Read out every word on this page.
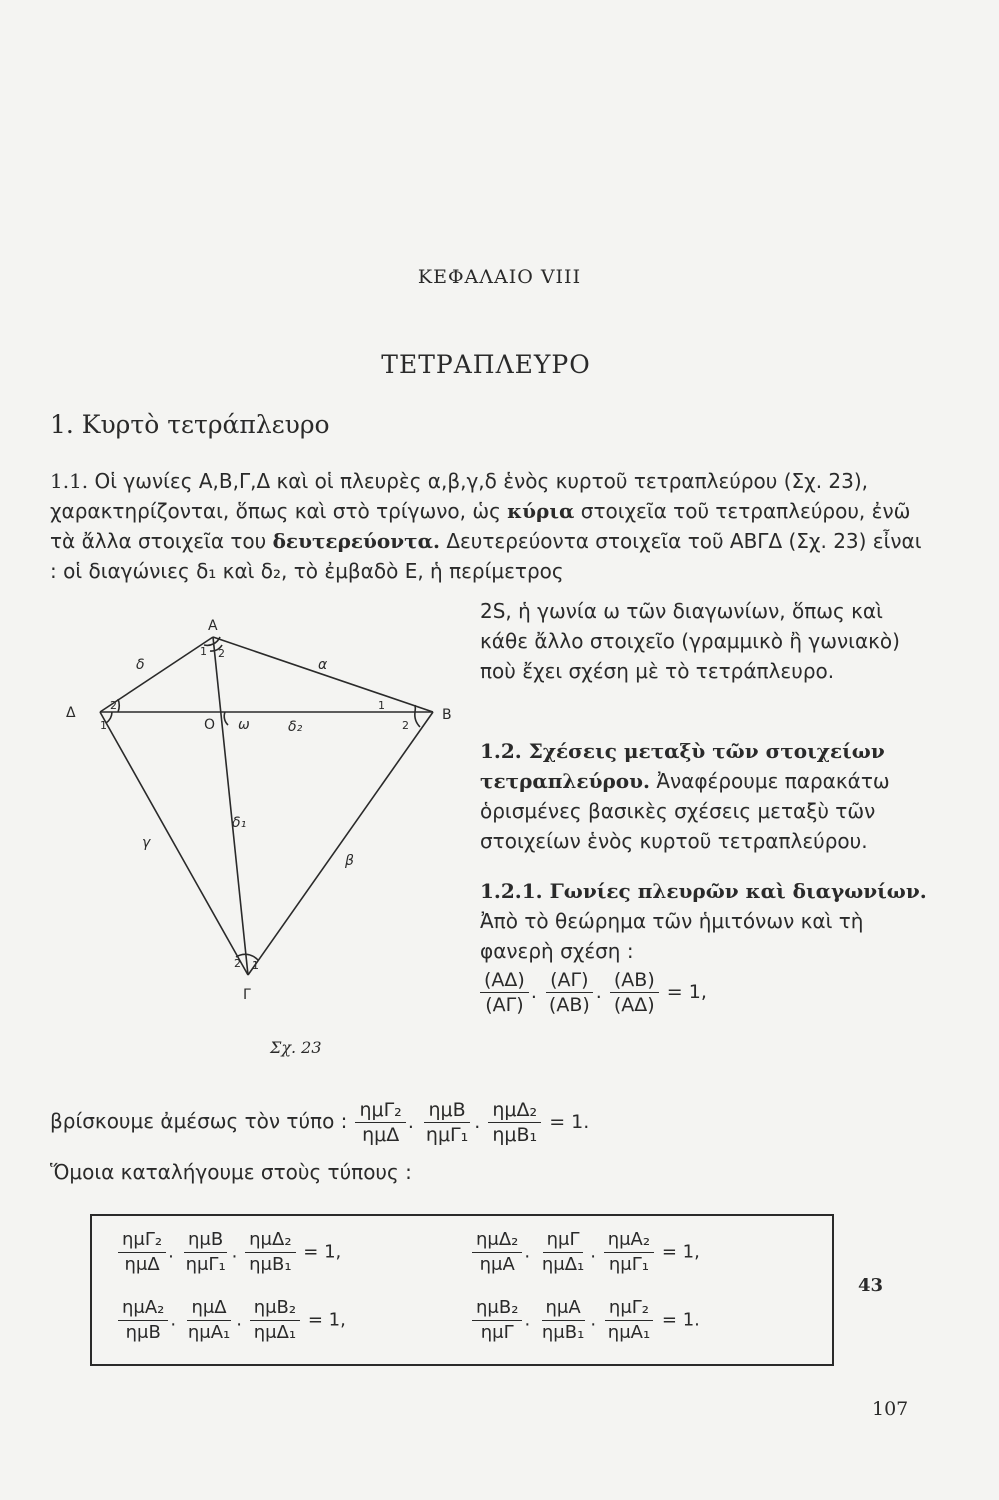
ΚΕΦΑΛΑΙΟ VIII
ΤΕΤΡΑΠΛΕΥΡΟ
1. Κυρτὸ τετράπλευρο
1.1. Οἱ γωνίες Α,Β,Γ,Δ καὶ οἱ πλευρὲς α,β,γ,δ ἑνὸς κυρτοῦ τετραπλεύρου (Σχ. 23), χαρακτηρίζονται, ὅπως καὶ στὸ τρίγωνο, ὡς κύρια στοιχεῖα τοῦ τετραπλεύρου, ἐνῶ τὰ ἄλλα στοιχεῖα του δευτερεύοντα. Δευτερεύοντα στοιχεῖα τοῦ ΑΒΓΔ (Σχ. 23) εἶναι : οἱ διαγώνιες δ₁ καὶ δ₂, τὸ ἐμβαδὸ Ε, ἡ περίμετρος
2S, ἡ γωνία ω τῶν διαγωνίων, ὅπως καὶ κάθε ἄλλο στοιχεῖο (γραμμικὸ ἢ γωνιακὸ) ποὺ ἔχει σχέση μὲ τὸ τετράπλευρο.
1.2. Σχέσεις μεταξὺ τῶν στοιχείων τετραπλεύρου. Ἀναφέρουμε παρακάτω ὁρισμένες βασικὲς σχέσεις μεταξὺ τῶν στοιχείων ἑνὸς κυρτοῦ τετραπλεύρου.
1.2.1. Γωνίες πλευρῶν καὶ διαγωνίων. Ἀπὸ τὸ θεώρημα τῶν ἡμιτόνων καὶ τὴ φανερὴ σχέση :
$\frac{(A\Delta)}{(A\Gamma)}$ . $\frac{(A\Gamma)}{(AB)}$ . $\frac{(AB)}{(A\Delta)} = 1$,
Α
Β
Γ
Δ
Ο
α
β
γ
δ
ω	δ₂
δ₁
1 2
2
1
1
2
2 1
Σχ. 23
βρίσκουμε ἀμέσως τὸν τύπο : $\frac{\text{ημΓ₂}}{\text{ημΔ}}$ . $\frac{\text{ημΒ}}{\text{ημΓ₁}}$ . $\frac{\text{ημΔ₂}}{\text{ημΒ₁}} = 1$.
Ὅμοια καταλήγουμε στοὺς τύπους :
$\frac{\text{ημΓ₂}}{\text{ημΔ}}$ . $\frac{\text{ημΒ}}{\text{ημΓ₁}}$ . $\frac{\text{ημΔ₂}}{\text{ημΒ₁}} = 1$,	$\frac{\text{ημΔ₂}}{\text{ημΑ}}$ . $\frac{\text{ημΓ}}{\text{ημΔ₁}}$ . $\frac{\text{ημΑ₂}}{\text{ημΓ₁}} = 1$,
$\frac{\text{ημΑ₂}}{\text{ημΒ}}$ . $\frac{\text{ημΔ}}{\text{ημΑ₁}}$ . $\frac{\text{ημΒ₂}}{\text{ημΔ₁}} = 1$,	$\frac{\text{ημΒ₂}}{\text{ημΓ}}$ . $\frac{\text{ημΑ}}{\text{ημΒ₁}}$ . $\frac{\text{ημΓ₂}}{\text{ημΑ₁}} = 1$.
43
107
